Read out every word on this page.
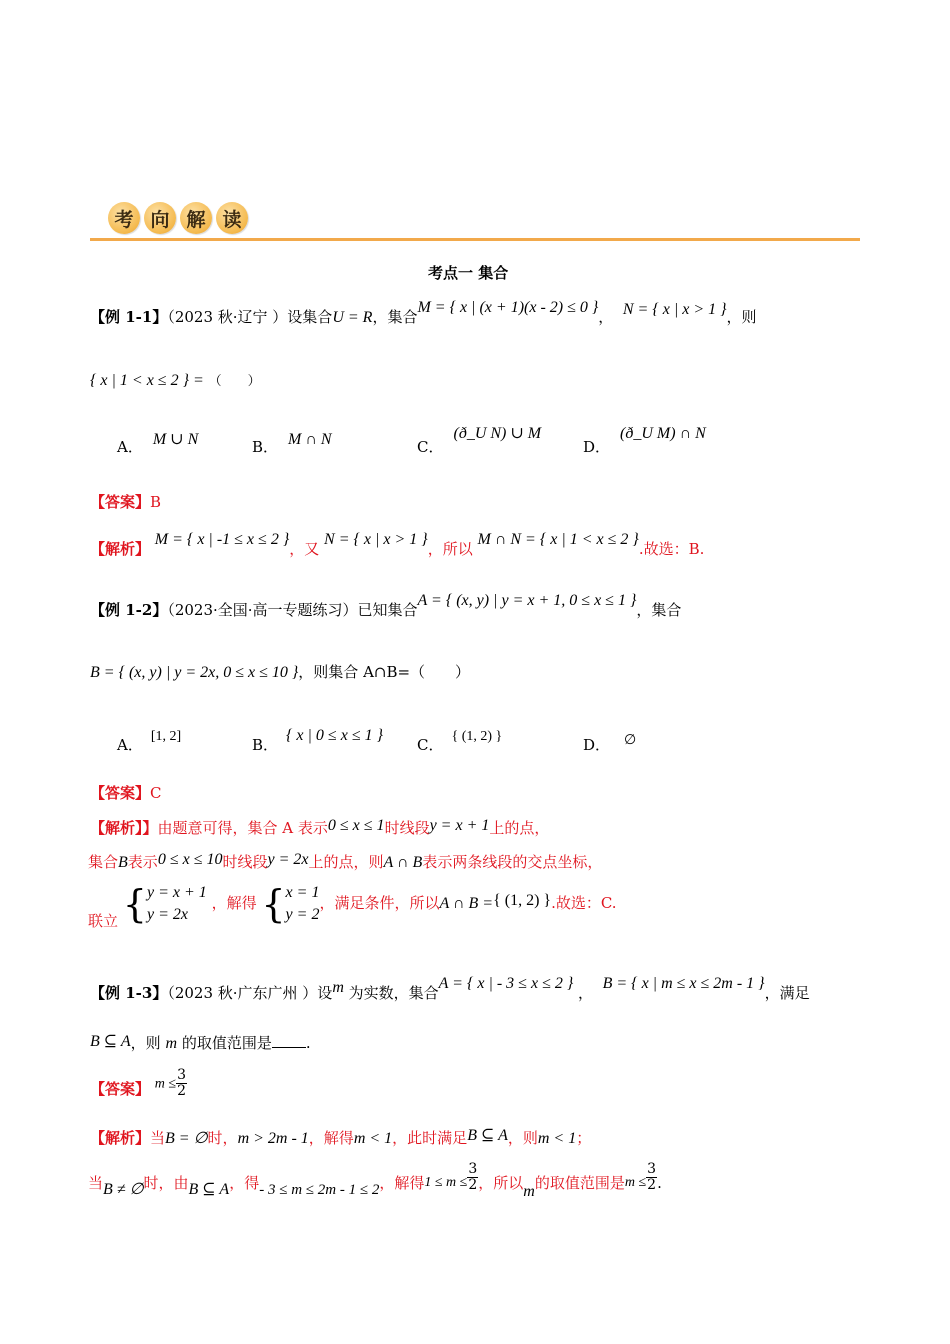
考 向 解 读
考点一 集合
【例 1-1】（2023 秋·辽宁 ）设集合U = R，集合M = { x | (x + 1)(x - 2) ≤ 0 }， N = { x | x > 1 }，则
{ x | 1 < x ≤ 2 } = （　　）
A． M ∪ N	B． M ∩ N	C．(ð_U N) ∪ M
D．(ð_U M) ∩ N
【答案】B
【解析】 M = { x | -1 ≤ x ≤ 2 }，又 N = { x | x > 1 }，所以 M ∩ N = { x | 1 < x ≤ 2 }.故选：B.
【例 1-2】（2023·全国·高一专题练习）已知集合A = { (x, y) | y = x + 1, 0 ≤ x ≤ 1 }，集合
B = { (x, y) | y = 2x, 0 ≤ x ≤ 10 }，则集合 A∩B=（　　）
A． [1, 2]	B．{ x | 0 ≤ x ≤ 1 }
C． { (1, 2) }	D． ∅
【答案】C
【解析】】由题意可得，集合 A 表示0 ≤ x ≤ 1时线段y = x + 1上的点，
集合B表示0 ≤ x ≤ 10时线段y = 2x上的点，则A ∩ B表示两条线段的交点坐标，
联立 { y = x + 1
y = 2x
，解得 { x = 1
y = 2
，满足条件，所以A ∩ B ={ (1, 2) }.故选：C.
【例 1-3】（2023 秋·广东广州 ）设m 为实数，集合A = { x | - 3 ≤ x ≤ 2 } ，  B = { x | m ≤ x ≤ 2m - 1 }，满足
B ⊆ A，则 m 的取值范围是 .
【答案】 $m \le \frac{3}{2}$
【解析】当B = ∅时，m > 2m - 1，解得m < 1，此时满足B ⊆ A，则m < 1；
当B ≠ ∅时，由B ⊆ A，得- 3 ≤ m ≤ 2m - 1 ≤ 2，解得$1 \le m \le \frac{3}{2}$ ，所以m的取值范围是$m \le \frac{3}{2}$ .
